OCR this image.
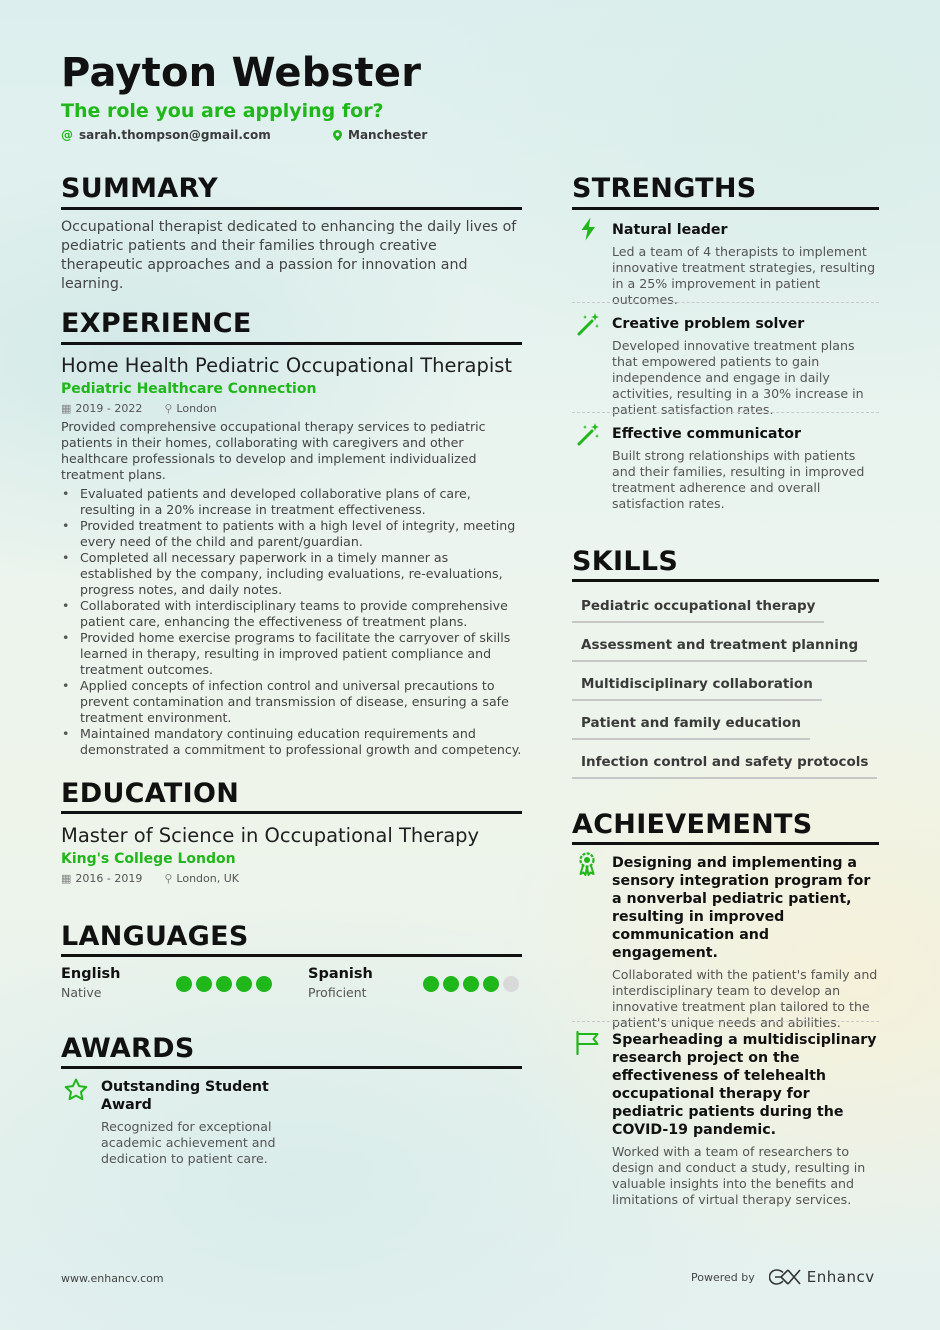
Payton Webster
The role you are applying for?
@ sarah.thompson@gmail.com	Manchester
SUMMARY
Occupational therapist dedicated to enhancing the daily lives of pediatric patients and their families through creative therapeutic approaches and a passion for innovation and learning.
EXPERIENCE
Home Health Pediatric Occupational Therapist
Pediatric Healthcare Connection
▦ 2019 - 2022 ⚲ London
Provided comprehensive occupational therapy services to pediatric patients in their homes, collaborating with caregivers and other healthcare professionals to develop and implement individualized treatment plans.
• Evaluated patients and developed collaborative plans of care, resulting in a 20% increase in treatment effectiveness.
• Provided treatment to patients with a high level of integrity, meeting every need of the child and parent/guardian.
• Completed all necessary paperwork in a timely manner as established by the company, including evaluations, re-evaluations, progress notes, and daily notes.
• Collaborated with interdisciplinary teams to provide comprehensive patient care, enhancing the effectiveness of treatment plans.
• Provided home exercise programs to facilitate the carryover of skills learned in therapy, resulting in improved patient compliance and treatment outcomes.
• Applied concepts of infection control and universal precautions to prevent contamination and transmission of disease, ensuring a safe treatment environment.
• Maintained mandatory continuing education requirements and demonstrated a commitment to professional growth and competency.
EDUCATION
Master of Science in Occupational Therapy
King's College London
▦ 2016 - 2019 ⚲ London, UK
LANGUAGES
English
Native
Spanish
Proficient
AWARDS
Outstanding Student Award
Recognized for exceptional academic achievement and dedication to patient care.
STRENGTHS
Natural leader
Led a team of 4 therapists to implement innovative treatment strategies, resulting in a 25% improvement in patient outcomes.
Creative problem solver
Developed innovative treatment plans that empowered patients to gain independence and engage in daily activities, resulting in a 30% increase in patient satisfaction rates.
Effective communicator
Built strong relationships with patients and their families, resulting in improved treatment adherence and overall satisfaction rates.
SKILLS
Pediatric occupational therapy
Assessment and treatment planning
Multidisciplinary collaboration
Patient and family education
Infection control and safety protocols
ACHIEVEMENTS
Designing and implementing a sensory integration program for a nonverbal pediatric patient, resulting in improved communication and engagement.
Collaborated with the patient's family and interdisciplinary team to develop an innovative treatment plan tailored to the patient's unique needs and abilities.
Spearheading a multidisciplinary research project on the effectiveness of telehealth occupational therapy for pediatric patients during the COVID-19 pandemic.
Worked with a team of researchers to design and conduct a study, resulting in valuable insights into the benefits and limitations of virtual therapy services.
www.enhancv.com	Powered by	Enhancv
